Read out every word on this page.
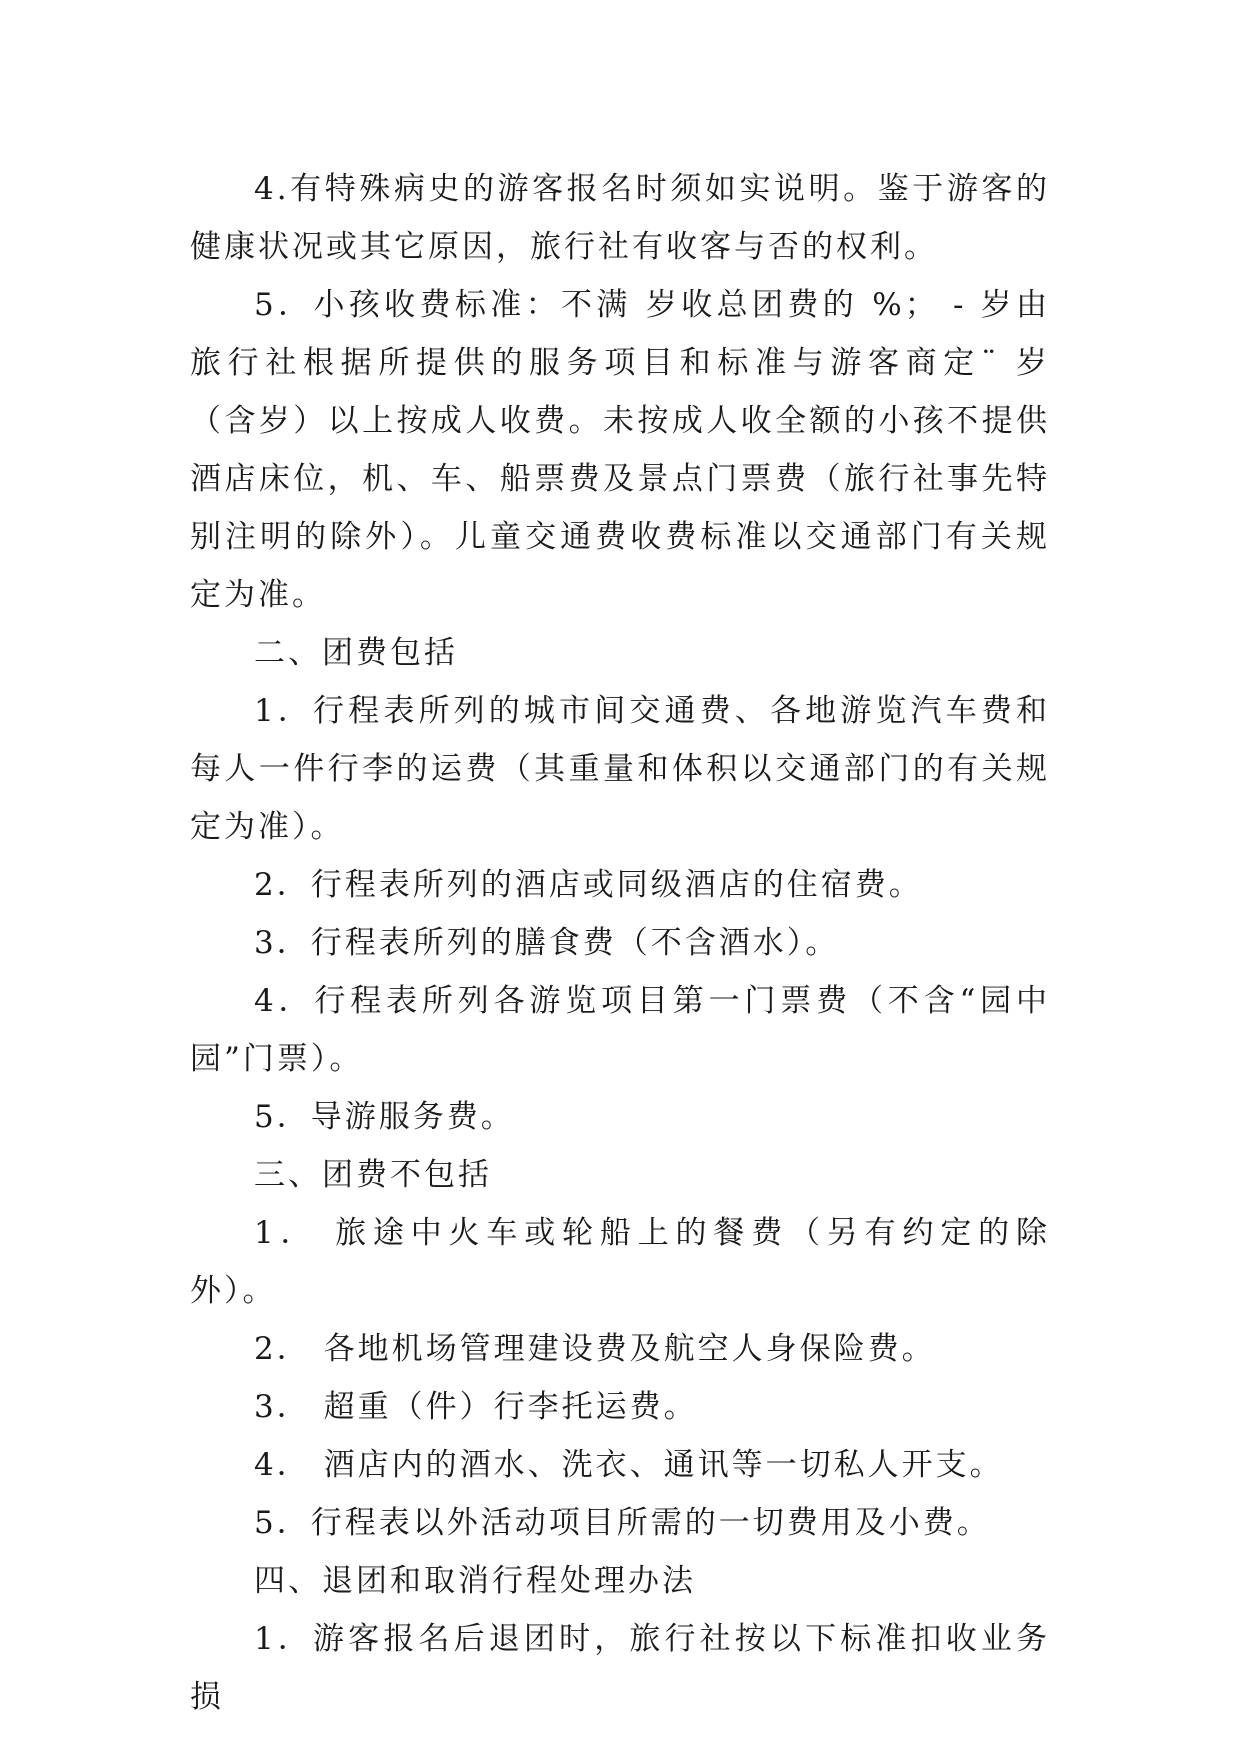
4.有特殊病史的游客报名时须如实说明。鉴于游客的健康状况或其它原因，旅行社有收客与否的权利。

5．小孩收费标准：不满 岁收总团费的 %； - 岁由旅行社根据所提供的服务项目和标准与游客商定¨ 岁 （含岁）以上按成人收费。未按成人收全额的小孩不提供酒店床位，机、车、船票费及景点门票费（旅行社事先特别注明的除外）。儿童交通费收费标准以交通部门有关规定为准。

二、团费包括

1．行程表所列的城市间交通费、各地游览汽车费和每人一件行李的运费（其重量和体积以交通部门的有关规定为准）。

2．行程表所列的酒店或同级酒店的住宿费。

3．行程表所列的膳食费（不含酒水）。

4．行程表所列各游览项目第一门票费（不含“园中园”门票）。

5．导游服务费。

三、团费不包括

1． 旅途中火车或轮船上的餐费（另有约定的除外）。

2． 各地机场管理建设费及航空人身保险费。

3． 超重（件）行李托运费。

4． 酒店内的酒水、洗衣、通讯等一切私人开支。

5．行程表以外活动项目所需的一切费用及小费。

四、退团和取消行程处理办法

1．游客报名后退团时，旅行社按以下标准扣收业务损
